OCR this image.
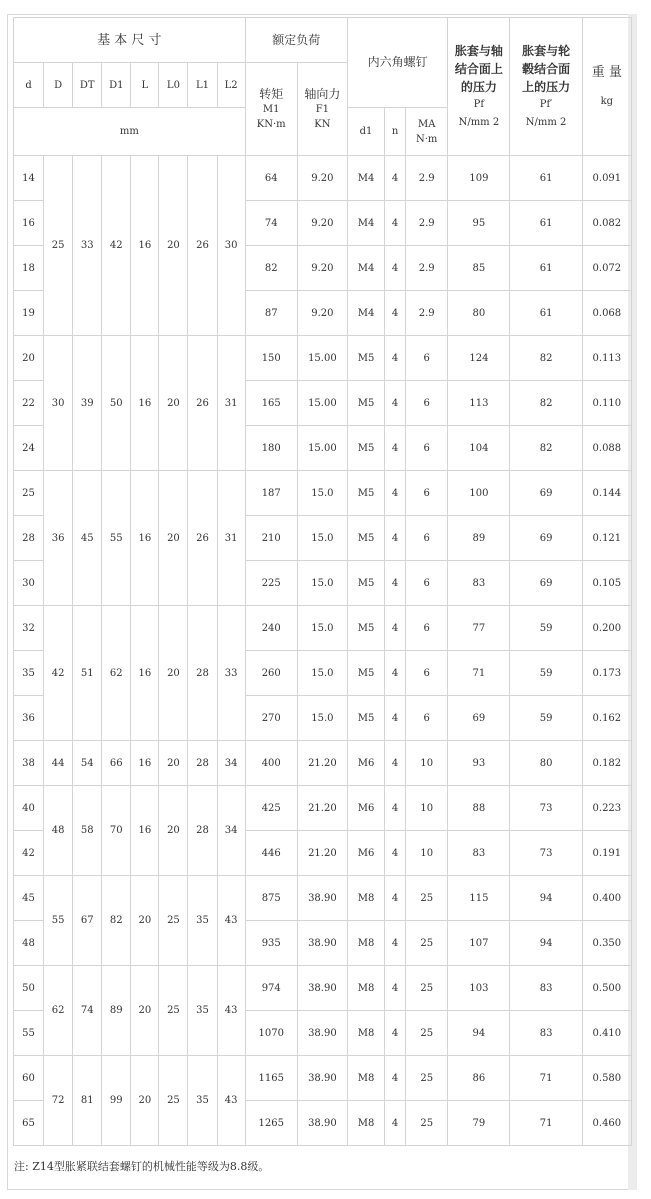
基 本 尺 寸								额定负荷		内六角螺钉			胀套与轴
结合面上
的压力
Pf
N/mm 2	胀套与轮
毂结合面
上的压力
Pf′
N/mm 2	重 量
kg

d	D	DT	D1	L	L0	L1	L2	转矩
M1
KN·m	轴向力
F1
KN						

mm										d1	n	MA
N·m			

14	25	33	42	16	20	26	30	64	9.20	M4	4	2.9	109	61	0.091
16								74	9.20	M4	4	2.9	95	61	0.082
18								82	9.20	M4	4	2.9	85	61	0.072
19								87	9.20	M4	4	2.9	80	61	0.068
20	30	39	50	16	20	26	31	150	15.00	M5	4	6	124	82	0.113
22								165	15.00	M5	4	6	113	82	0.110
24								180	15.00	M5	4	6	104	82	0.088
25	36	45	55	16	20	26	31	187	15.0	M5	4	6	100	69	0.144
28								210	15.0	M5	4	6	89	69	0.121
30								225	15.0	M5	4	6	83	69	0.105
32	42	51	62	16	20	28	33	240	15.0	M5	4	6	77	59	0.200
35								260	15.0	M5	4	6	71	59	0.173
36								270	15.0	M5	4	6	69	59	0.162
38	44	54	66	16	20	28	34	400	21.20	M6	4	10	93	80	0.182
40	48	58	70	16	20	28	34	425	21.20	M6	4	10	88	73	0.223
42								446	21.20	M6	4	10	83	73	0.191
45	55	67	82	20	25	35	43	875	38.90	M8	4	25	115	94	0.400
48								935	38.90	M8	4	25	107	94	0.350
50	62	74	89	20	25	35	43	974	38.90	M8	4	25	103	83	0.500
55								1070	38.90	M8	4	25	94	83	0.410
60	72	81	99	20	25	35	43	1165	38.90	M8	4	25	86	71	0.580
65								1265	38.90	M8	4	25	79	71	0.460
注: Z14型胀紧联结套螺钉的机械性能等级为8.8级。
